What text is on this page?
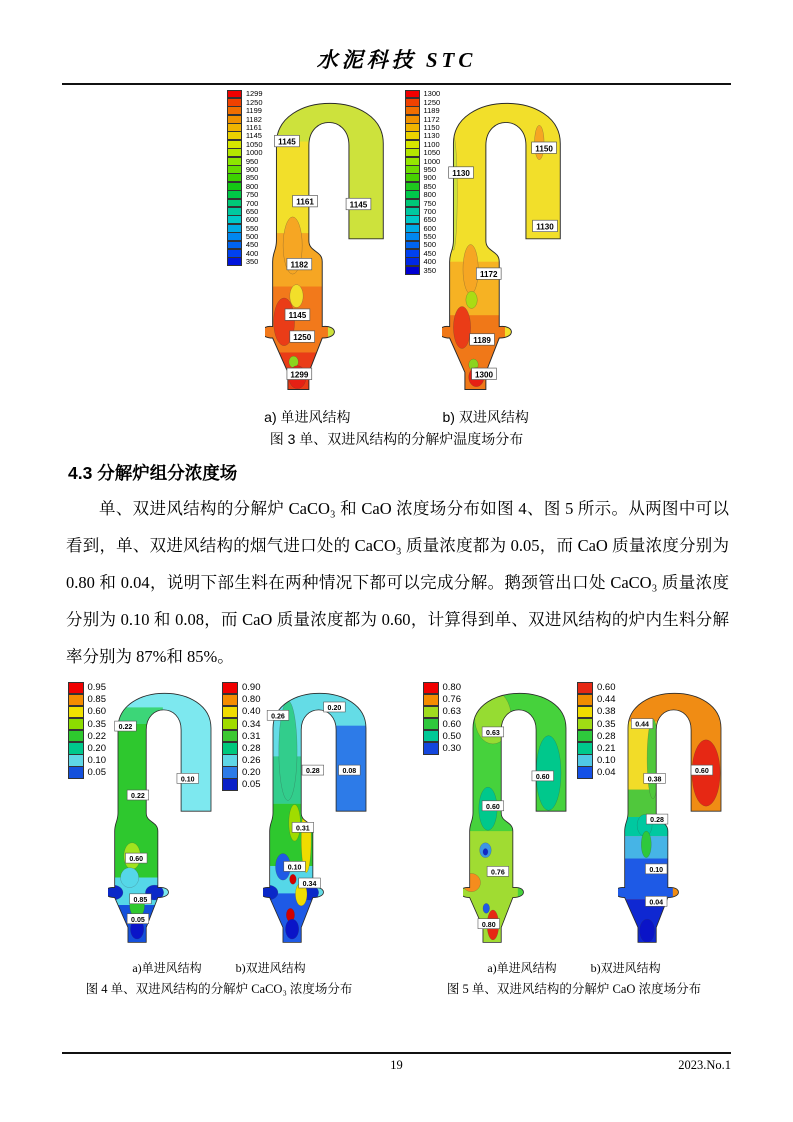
水泥科技 STC
1299
1250
1199
1182
1161
1145
1050
1000
950
900
850
800
750
700
650
600
550
500
450
400
350
1145
1161	1145
1182
1145
1250
1299
1300
1250
1189
1172
1150
1130
1100
1050
1000
950
900
850
800
750
700
650
600
550
500
450
400
350
1130
1150
1130
1172
1189
1300
a) 单进风结构	b) 双进风结构
图 3 单、双进风结构的分解炉温度场分布
4.3 分解炉组分浓度场

单、双进风结构的分解炉 CaCO₃ 和 CaO 浓度场分布如图 4、图 5 所示。从两图中可以看到，单、双进风结构的烟气进口处的 CaCO₃ 质量浓度都为 0.05，而 CaO 质量浓度分别为 0.80 和 0.04，说明下部生料在两种情况下都可以完成分解。鹅颈管出口处 CaCO₃ 质量浓度分别为 0.10 和 0.08，而 CaO 质量浓度都为 0.60，计算得到单、双进风结构的炉内生料分解率分别为 87%和 85%。

0.95
0.85
0.60
0.35
0.22
0.20
0.10
0.05
0.22
0.10
0.22
0.60
0.85
0.05
0.90
0.80
0.40
0.34
0.31
0.28
0.26
0.20
0.05
0.26
0.20
0.28	0.08
0.31
0.10
0.34
a)单进风结构	b)双进风结构
图 4 单、双进风结构的分解炉 CaCO₃ 浓度场分布
0.80
0.76
0.63
0.60
0.50
0.30
0.63
0.60
0.60
0.76
0.80
0.60
0.44
0.38
0.35
0.28
0.21
0.10
0.04
0.44
0.60
0.38
0.28
0.10
0.04
a)单进风结构	b)双进风结构
图 5 单、双进风结构的分解炉 CaO 浓度场分布
19	2023.No.1
